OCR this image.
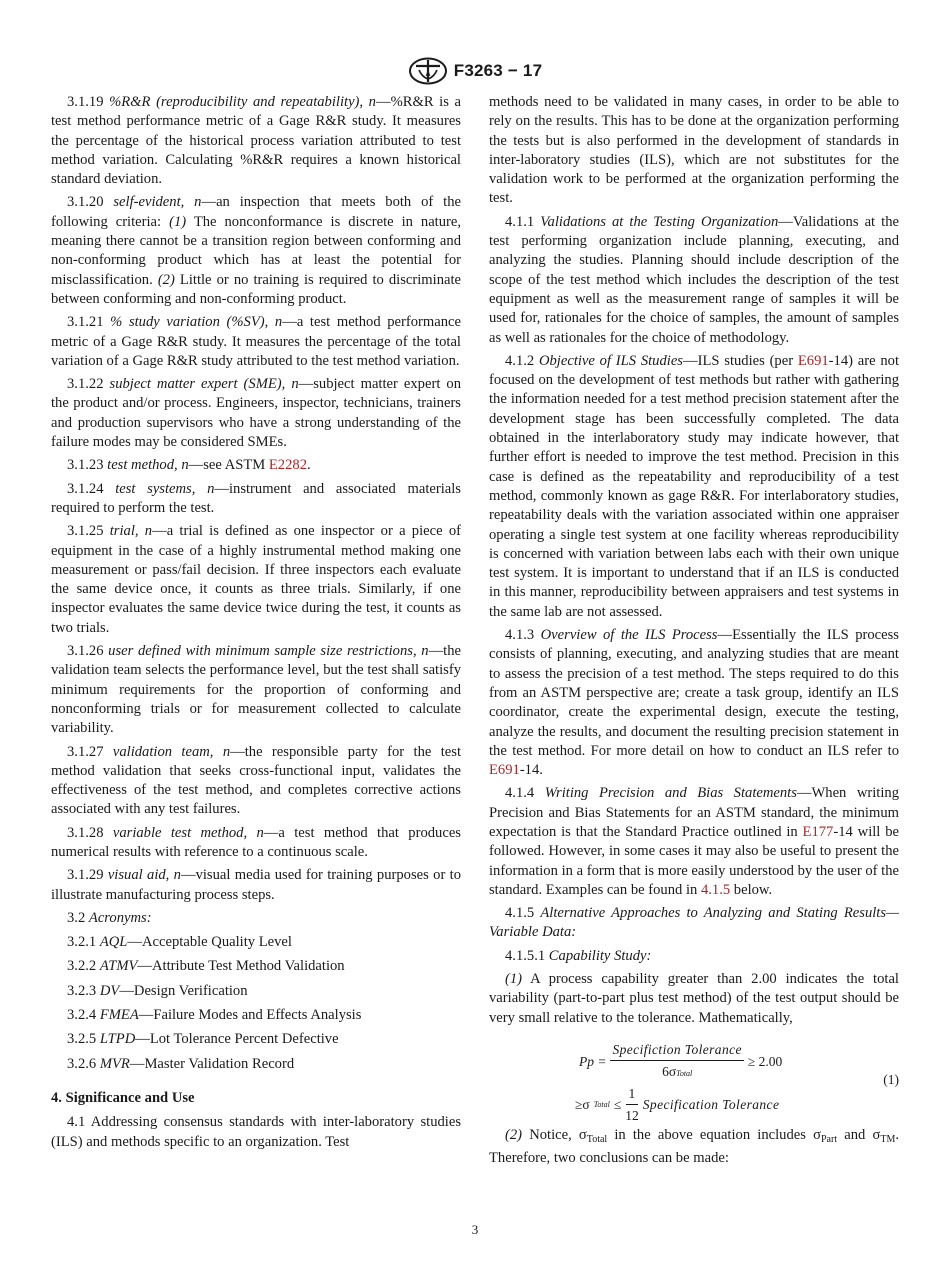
A F3263 − 17

3.1.19 %R&R (reproducibility and repeatability), n—%R&R is a test method performance metric of a Gage R&R study. It measures the percentage of the historical process variation attributed to test method variation. Calculating %R&R requires a known historical standard deviation.

3.1.20 self-evident, n—an inspection that meets both of the following criteria: (1) The nonconformance is discrete in nature, meaning there cannot be a transition region between conforming and non-conforming product which has at least the potential for misclassification. (2) Little or no training is required to discriminate between conforming and non-conforming product.

3.1.21 % study variation (%SV), n—a test method performance metric of a Gage R&R study. It measures the percentage of the total variation of a Gage R&R study attributed to the test method variation.

3.1.22 subject matter expert (SME), n—subject matter expert on the product and/or process. Engineers, inspector, technicians, trainers and production supervisors who have a strong understanding of the failure modes may be considered SMEs.

3.1.23 test method, n—see ASTM E2282.

3.1.24 test systems, n—instrument and associated materials required to perform the test.

3.1.25 trial, n—a trial is defined as one inspector or a piece of equipment in the case of a highly instrumental method making one measurement or pass/fail decision. If three inspectors each evaluate the same device once, it counts as three trials. Similarly, if one inspector evaluates the same device twice during the test, it counts as two trials.

3.1.26 user defined with minimum sample size restrictions, n—the validation team selects the performance level, but the test shall satisfy minimum requirements for the proportion of conforming and nonconforming trials or for measurement collected to calculate variability.

3.1.27 validation team, n—the responsible party for the test method validation that seeks cross-functional input, validates the effectiveness of the test method, and completes corrective actions associated with any test failures.

3.1.28 variable test method, n—a test method that produces numerical results with reference to a continuous scale.

3.1.29 visual aid, n—visual media used for training purposes or to illustrate manufacturing process steps.

3.2 Acronyms:

3.2.1 AQL—Acceptable Quality Level

3.2.2 ATMV—Attribute Test Method Validation

3.2.3 DV—Design Verification

3.2.4 FMEA—Failure Modes and Effects Analysis

3.2.5 LTPD—Lot Tolerance Percent Defective

3.2.6 MVR—Master Validation Record

4. Significance and Use

4.1 Addressing consensus standards with inter-laboratory studies (ILS) and methods specific to an organization. Test

methods need to be validated in many cases, in order to be able to rely on the results. This has to be done at the organization performing the tests but is also performed in the development of standards in inter-laboratory studies (ILS), which are not substitutes for the validation work to be performed at the organization performing the test.

4.1.1 Validations at the Testing Organization—Validations at the test performing organization include planning, executing, and analyzing the studies. Planning should include description of the scope of the test method which includes the description of the test equipment as well as the measurement range of samples it will be used for, rationales for the choice of samples, the amount of samples as well as rationales for the choice of methodology.

4.1.2 Objective of ILS Studies—ILS studies (per E691-14) are not focused on the development of test methods but rather with gathering the information needed for a test method precision statement after the development stage has been successfully completed. The data obtained in the interlaboratory study may indicate however, that further effort is needed to improve the test method. Precision in this case is defined as the repeatability and reproducibility of a test method, commonly known as gage R&R. For interlaboratory studies, repeatability deals with the variation associated within one appraiser operating a single test system at one facility whereas reproducibility is concerned with variation between labs each with their own unique test system. It is important to understand that if an ILS is conducted in this manner, reproducibility between appraisers and test systems in the same lab are not assessed.

4.1.3 Overview of the ILS Process—Essentially the ILS process consists of planning, executing, and analyzing studies that are meant to assess the precision of a test method. The steps required to do this from an ASTM perspective are; create a task group, identify an ILS coordinator, create the experimental design, execute the testing, analyze the results, and document the resulting precision statement in the test method. For more detail on how to conduct an ILS refer to E691-14.

4.1.4 Writing Precision and Bias Statements—When writing Precision and Bias Statements for an ASTM standard, the minimum expectation is that the Standard Practice outlined in E177-14 will be followed. However, in some cases it may also be useful to present the information in a form that is more easily understood by the user of the standard. Examples can be found in 4.1.5 below.

4.1.5 Alternative Approaches to Analyzing and Stating Results—Variable Data:

4.1.5.1 Capability Study:

(1) A process capability greater than 2.00 indicates the total variability (part-to-part plus test method) of the test output should be very small relative to the tolerance. Mathematically,

$Pp = \frac{\text{Specifiction Tolerance}}{\text{6σTotal}} \ge 2.00$
≥σ Total ≤ $\frac{1}{12}$ Specification Tolerance
(1)

(2) Notice, $\sigma_{Total}$ in the above equation includes $\sigma_{Part}$ and $\sigma_{TM}$. Therefore, two conclusions can be made:

3
